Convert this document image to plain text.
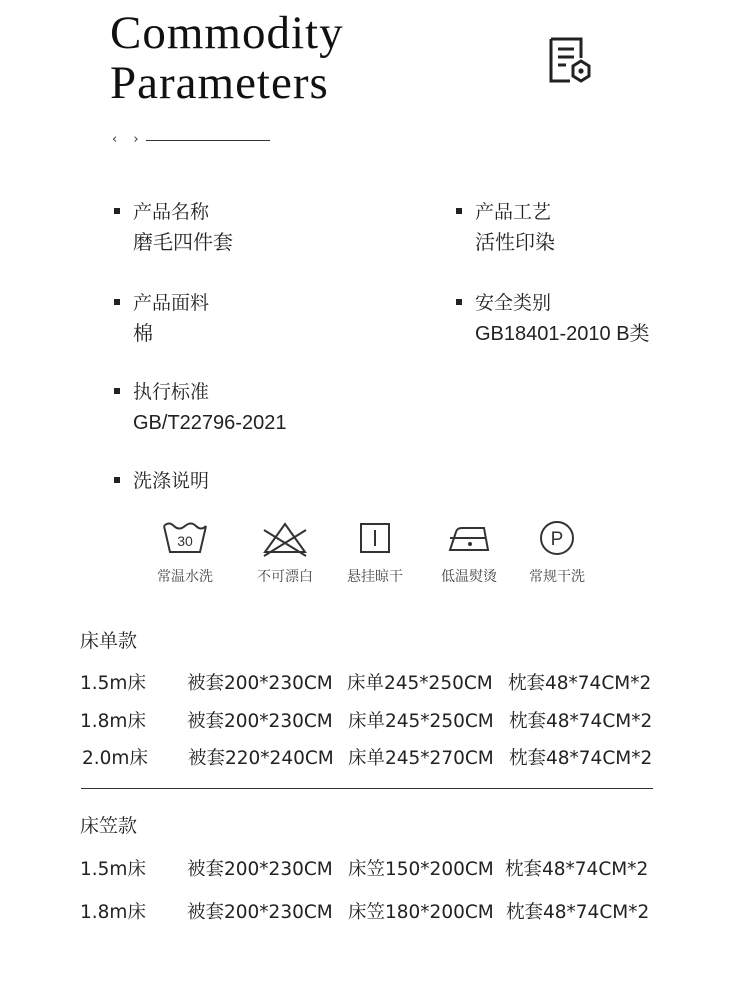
Commodity
Parameters
‹ ›
产品名称
磨毛四件套
产品工艺
活性印染
产品面料
棉
安全类别
GB18401-2010 B类
执行标准
GB/T22796-2021
洗涤说明
30
常温水洗	不可漂白	悬挂晾干	低温熨烫
P
常规干洗
床单款
1.5m床 被套200*230CM 床单245*250CM 枕套48*74CM*2
1.8m床 被套200*230CM 床单245*250CM 枕套48*74CM*2
2.0m床 被套220*240CM 床单245*270CM 枕套48*74CM*2
床笠款
1.5m床 被套200*230CM 床笠150*200CM 枕套48*74CM*2
1.8m床 被套200*230CM 床笠180*200CM 枕套48*74CM*2
